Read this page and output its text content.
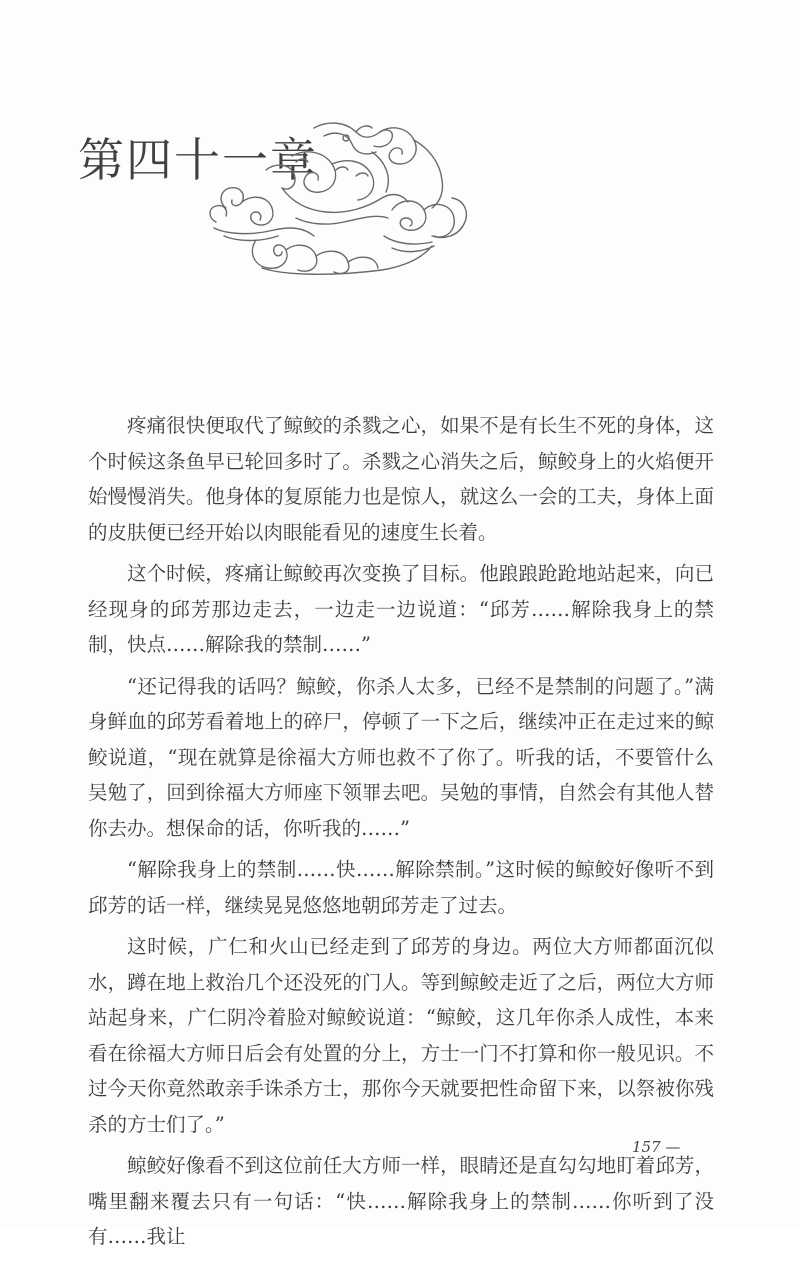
第四十一章

疼痛很快便取代了鲸鲛的杀戮之心，如果不是有长生不死的身体，这个时候这条鱼早已轮回多时了。杀戮之心消失之后，鲸鲛身上的火焰便开始慢慢消失。他身体的复原能力也是惊人，就这么一会的工夫，身体上面的皮肤便已经开始以肉眼能看见的速度生长着。

这个时候，疼痛让鲸鲛再次变换了目标。他踉踉跄跄地站起来，向已经现身的邱芳那边走去，一边走一边说道：“邱芳……解除我身上的禁制，快点……解除我的禁制……”

“还记得我的话吗？鲸鲛，你杀人太多，已经不是禁制的问题了。”满身鲜血的邱芳看着地上的碎尸，停顿了一下之后，继续冲正在走过来的鲸鲛说道，“现在就算是徐福大方师也救不了你了。听我的话，不要管什么吴勉了，回到徐福大方师座下领罪去吧。吴勉的事情，自然会有其他人替你去办。想保命的话，你听我的……”

“解除我身上的禁制……快……解除禁制。”这时候的鲸鲛好像听不到邱芳的话一样，继续晃晃悠悠地朝邱芳走了过去。

这时候，广仁和火山已经走到了邱芳的身边。两位大方师都面沉似水，蹲在地上救治几个还没死的门人。等到鲸鲛走近了之后，两位大方师站起身来，广仁阴冷着脸对鲸鲛说道：“鲸鲛，这几年你杀人成性，本来看在徐福大方师日后会有处置的分上，方士一门不打算和你一般见识。不过今天你竟然敢亲手诛杀方士，那你今天就要把性命留下来，以祭被你残杀的方士们了。”

鲸鲛好像看不到这位前任大方师一样，眼睛还是直勾勾地盯着邱芳，嘴里翻来覆去只有一句话：“快……解除我身上的禁制……你听到了没有……我让

157 —
